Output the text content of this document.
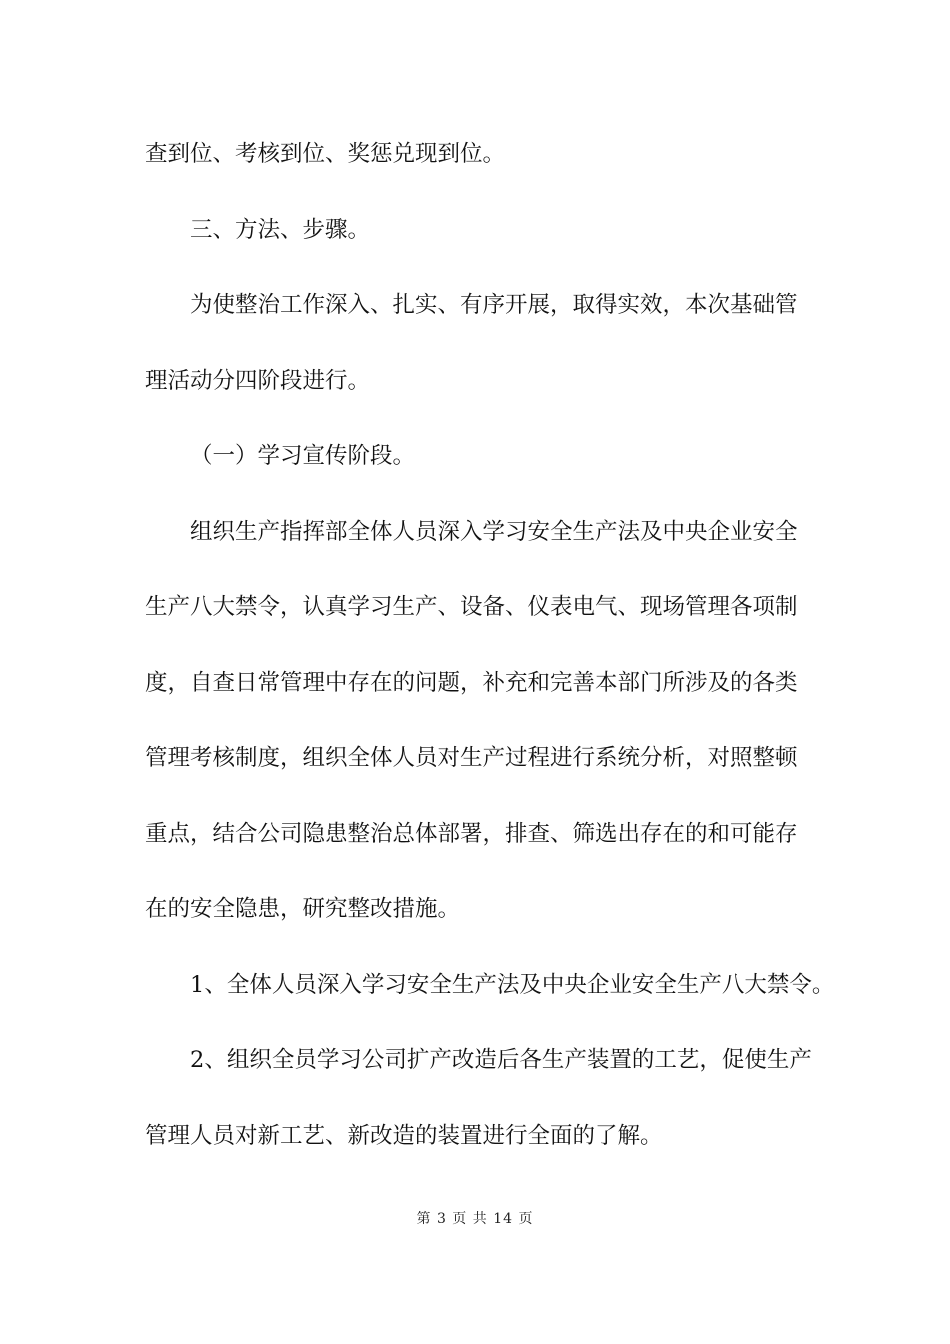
查到位、考核到位、奖惩兑现到位。
三、方法、步骤。
为使整治工作深入、扎实、有序开展，取得实效，本次基础管
理活动分四阶段进行。
（一）学习宣传阶段。
组织生产指挥部全体人员深入学习安全生产法及中央企业安全
生产八大禁令，认真学习生产、设备、仪表电气、现场管理各项制
度，自查日常管理中存在的问题，补充和完善本部门所涉及的各类
管理考核制度，组织全体人员对生产过程进行系统分析，对照整顿
重点，结合公司隐患整治总体部署，排查、筛选出存在的和可能存
在的安全隐患，研究整改措施。
1、全体人员深入学习安全生产法及中央企业安全生产八大禁令。
2、组织全员学习公司扩产改造后各生产装置的工艺，促使生产
管理人员对新工艺、新改造的装置进行全面的了解。
第 3 页 共 14 页
